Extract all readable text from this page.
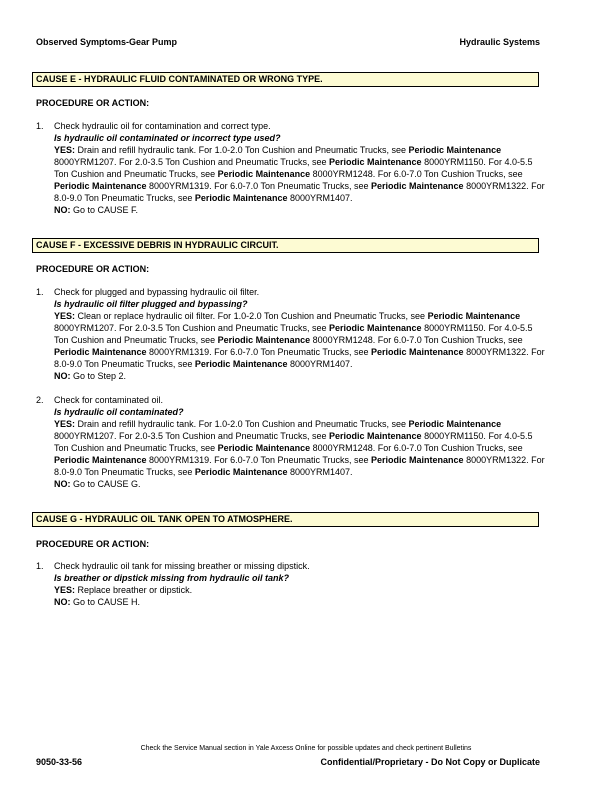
Observed Symptoms-Gear Pump	Hydraulic Systems
CAUSE E - HYDRAULIC FLUID CONTAMINATED OR WRONG TYPE.
PROCEDURE OR ACTION:
1. Check hydraulic oil for contamination and correct type.
Is hydraulic oil contaminated or incorrect type used?
YES: Drain and refill hydraulic tank. For 1.0-2.0 Ton Cushion and Pneumatic Trucks, see Periodic Maintenance 8000YRM1207. For 2.0-3.5 Ton Cushion and Pneumatic Trucks, see Periodic Maintenance 8000YRM1150. For 4.0-5.5 Ton Cushion and Pneumatic Trucks, see Periodic Maintenance 8000YRM1248. For 6.0-7.0 Ton Cushion Trucks, see Periodic Maintenance 8000YRM1319. For 6.0-7.0 Ton Pneumatic Trucks, see Periodic Maintenance 8000YRM1322. For 8.0-9.0 Ton Pneumatic Trucks, see Periodic Maintenance 8000YRM1407.
NO: Go to CAUSE F.
CAUSE F - EXCESSIVE DEBRIS IN HYDRAULIC CIRCUIT.
PROCEDURE OR ACTION:
1. Check for plugged and bypassing hydraulic oil filter.
Is hydraulic oil filter plugged and bypassing?
YES: Clean or replace hydraulic oil filter. For 1.0-2.0 Ton Cushion and Pneumatic Trucks, see Periodic Maintenance 8000YRM1207. For 2.0-3.5 Ton Cushion and Pneumatic Trucks, see Periodic Maintenance 8000YRM1150. For 4.0-5.5 Ton Cushion and Pneumatic Trucks, see Periodic Maintenance 8000YRM1248. For 6.0-7.0 Ton Cushion Trucks, see Periodic Maintenance 8000YRM1319. For 6.0-7.0 Ton Pneumatic Trucks, see Periodic Maintenance 8000YRM1322. For 8.0-9.0 Ton Pneumatic Trucks, see Periodic Maintenance 8000YRM1407.
NO: Go to Step 2.
2. Check for contaminated oil.
Is hydraulic oil contaminated?
YES: Drain and refill hydraulic tank. For 1.0-2.0 Ton Cushion and Pneumatic Trucks, see Periodic Maintenance 8000YRM1207. For 2.0-3.5 Ton Cushion and Pneumatic Trucks, see Periodic Maintenance 8000YRM1150. For 4.0-5.5 Ton Cushion and Pneumatic Trucks, see Periodic Maintenance 8000YRM1248. For 6.0-7.0 Ton Cushion Trucks, see Periodic Maintenance 8000YRM1319. For 6.0-7.0 Ton Pneumatic Trucks, see Periodic Maintenance 8000YRM1322. For 8.0-9.0 Ton Pneumatic Trucks, see Periodic Maintenance 8000YRM1407.
NO: Go to CAUSE G.
CAUSE G - HYDRAULIC OIL TANK OPEN TO ATMOSPHERE.
PROCEDURE OR ACTION:
1. Check hydraulic oil tank for missing breather or missing dipstick.
Is breather or dipstick missing from hydraulic oil tank?
YES: Replace breather or dipstick.
NO: Go to CAUSE H.
Check the Service Manual section in Yale Axcess Online for possible updates and check pertinent Bulletins
9050-33-56	Confidential/Proprietary - Do Not Copy or Duplicate
